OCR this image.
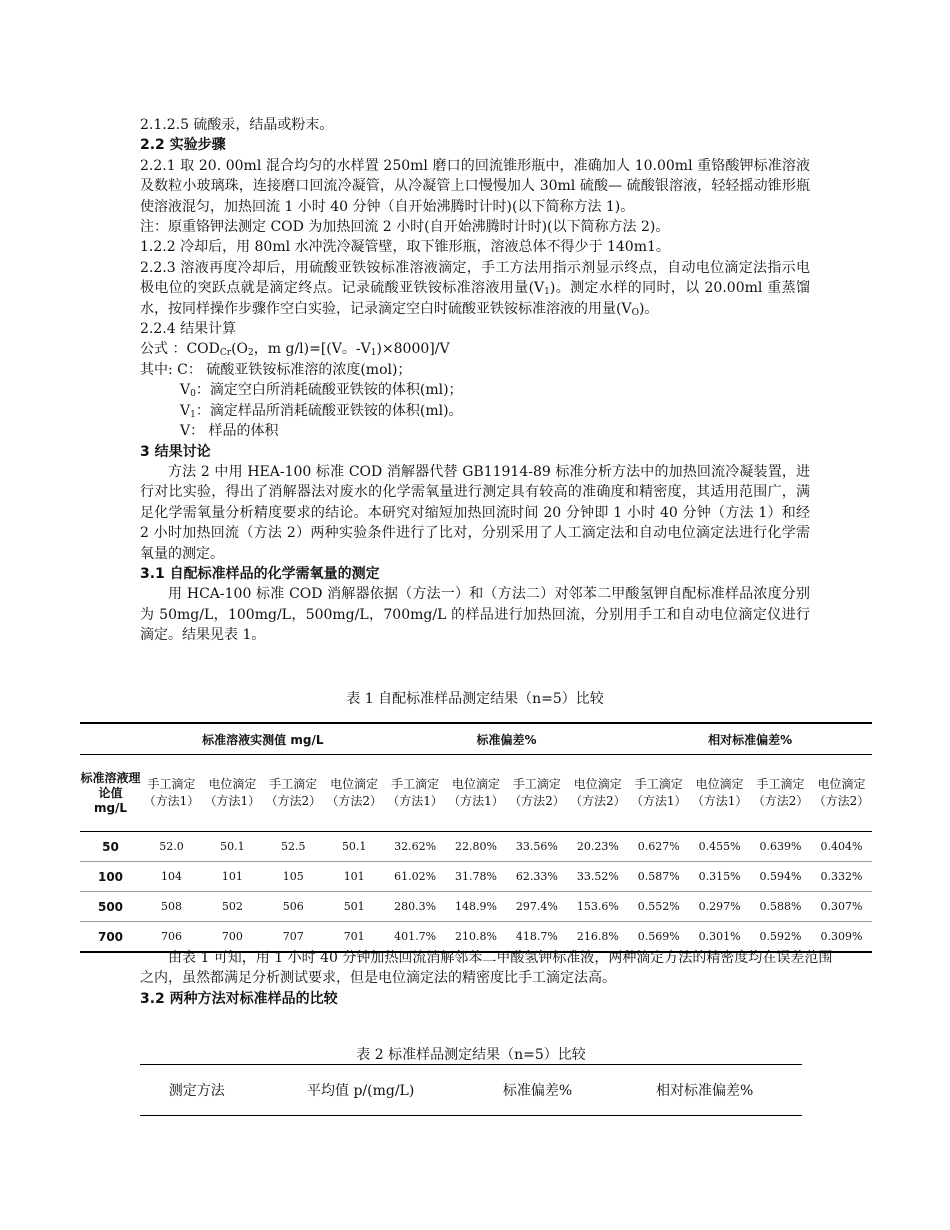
2.1.2.5 硫酸汞，结晶或粉末。

2.2 实验步骤

2.2.1 取 20. 00ml 混合均匀的水样置 250ml 磨口的回流锥形瓶中，准确加人 10.00ml 重铬酸钾标准溶液及数粒小玻璃珠，连接磨口回流冷凝管，从冷凝管上口慢慢加人 30ml 硫酸— 硫酸银溶液，轻轻摇动锥形瓶使溶液混匀，加热回流 1 小时 40 分钟（自开始沸腾时计时)(以下简称方法 1)。

注：原重铬钾法测定 COD 为加热回流 2 小时(自开始沸腾时计时)(以下简称方法 2)。

1.2.2 冷却后，用 80ml 水冲洗冷凝管壁，取下锥形瓶，溶液总体不得少于 140m1。

2.2.3 溶液再度冷却后，用硫酸亚铁铵标准溶液滴定，手工方法用指示剂显示终点，自动电位滴定法指示电极电位的突跃点就是滴定终点。记录硫酸亚铁铵标准溶液用量$(V_1)$。测定水样的同时，以 20.00ml 重蒸馏水，按同样操作步骤作空白实验，记录滴定空白时硫酸亚铁铵标准溶液的用量$(V_O)$。

2.2.4 结果计算

公式 ：$COD_{Cr}(O_2$，m g/l)=[(V。$-V_1)\times 8000]/V$

其中: C： 硫酸亚铁铵标准溶的浓度(mol)；

$V_0$：滴定空白所消耗硫酸亚铁铵的体积(ml)；

$V_1$：滴定样品所消耗硫酸亚铁铵的体积(ml)。

V： 样品的体积

3 结果讨论

方法 2 中用 HEA-100 标准 COD 消解器代替 GB11914-89 标准分析方法中的加热回流冷凝装置，进行对比实验，得出了消解器法对废水的化学需氧量进行测定具有较高的准确度和精密度，其适用范围广，满足化学需氧量分析精度要求的结论。本研究对缩短加热回流时间 20 分钟即 1 小时 40 分钟（方法 1）和经 2 小时加热回流（方法 2）两种实验条件进行了比对，分别采用了人工滴定法和自动电位滴定法进行化学需氧量的测定。

3.1 自配标准样品的化学需氧量的测定

用 HCA-100 标准 COD 消解器依据（方法一）和（方法二）对邻苯二甲酸氢钾自配标准样品浓度分别为 50mg/L，100mg/L，500mg/L，700mg/L 的样品进行加热回流，分别用手工和自动电位滴定仪进行滴定。结果见表 1。

表 1 自配标准样品测定结果（n=5）比较
	标准溶液实测值 mg/L				标准偏差%				相对标准偏差%			
标准溶液理论值 mg/L	手工滴定（方法1）	电位滴定（方法1）	手工滴定（方法2）	电位滴定（方法2）	手工滴定（方法1）	电位滴定（方法1）	手工滴定（方法2）	电位滴定（方法2）	手工滴定（方法1）	电位滴定（方法1）	手工滴定（方法2）	电位滴定（方法2）
50	52.0	50.1	52.5	50.1	32.62%	22.80%	33.56%	20.23%	0.627%	0.455%	0.639%	0.404%
100	104	101	105	101	61.02%	31.78%	62.33%	33.52%	0.587%	0.315%	0.594%	0.332%
500	508	502	506	501	280.3%	148.9%	297.4%	153.6%	0.552%	0.297%	0.588%	0.307%
700	706	700	707	701	401.7%	210.8%	418.7%	216.8%	0.569%	0.301%	0.592%	0.309%

由表 1 可知，用 1 小时 40 分钟加热回流消解邻苯二甲酸氢钾标准液，两种滴定方法的精密度均在误差范围之内，虽然都满足分析测试要求，但是电位滴定法的精密度比手工滴定法高。

3.2 两种方法对标准样品的比较

表 2 标准样品测定结果（n=5）比较
测定方法	平均值 p/(mg/L)	标准偏差%	相对标准偏差%
